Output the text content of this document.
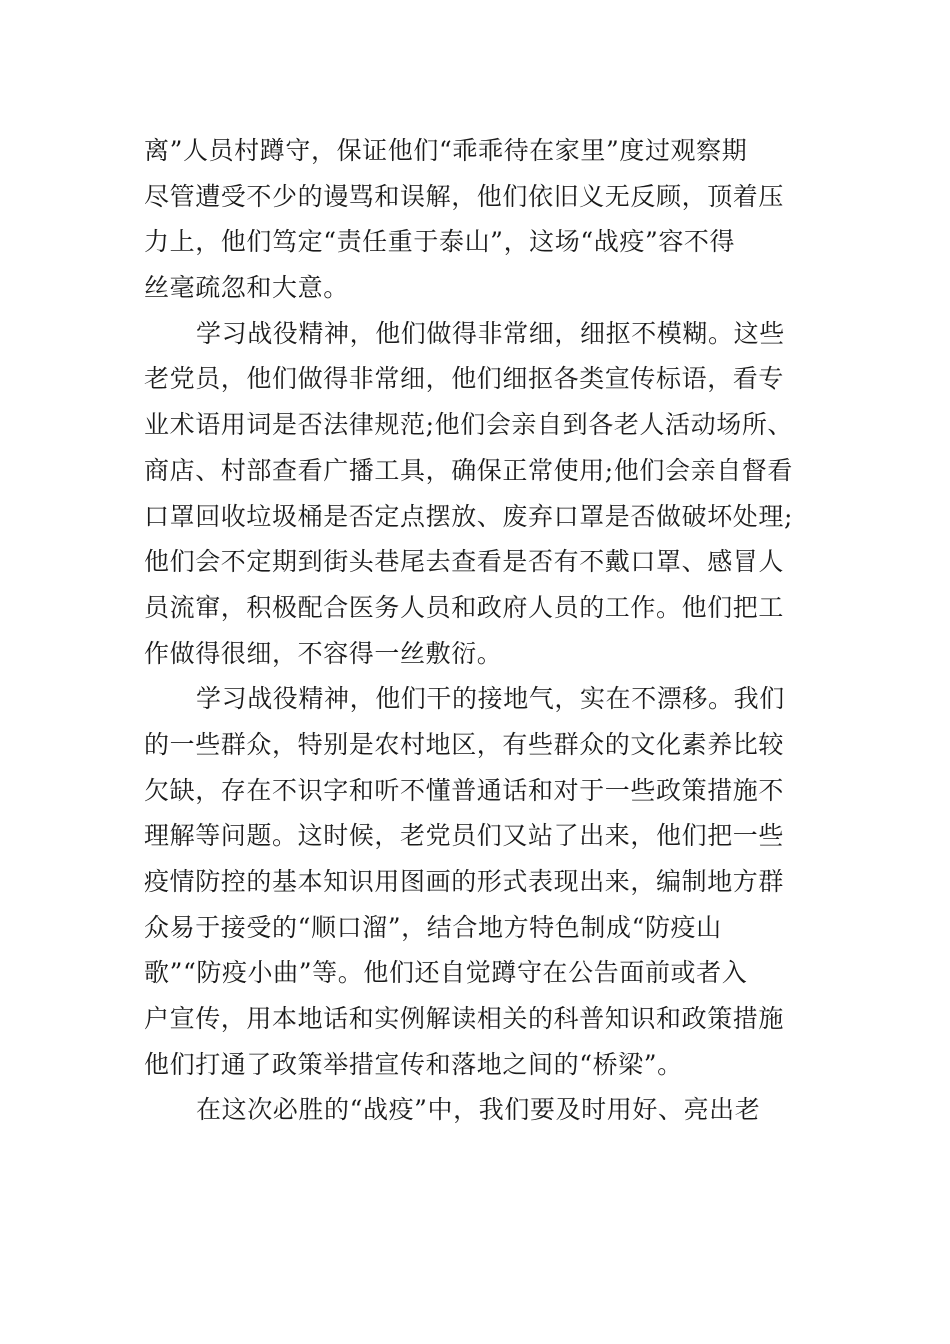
离”人员村蹲守，保证他们“乖乖待在家里”度过观察期
尽管遭受不少的谩骂和误解，他们依旧义无反顾，顶着压
力上，他们笃定“责任重于泰山”，这场“战疫”容不得
丝毫疏忽和大意。
学习战役精神，他们做得非常细，细抠不模糊。这些
老党员，他们做得非常细，他们细抠各类宣传标语，看专
业术语用词是否法律规范;他们会亲自到各老人活动场所、
商店、村部查看广播工具，确保正常使用;他们会亲自督看
口罩回收垃圾桶是否定点摆放、废弃口罩是否做破坏处理;
他们会不定期到街头巷尾去查看是否有不戴口罩、感冒人
员流窜，积极配合医务人员和政府人员的工作。他们把工
作做得很细，不容得一丝敷衍。
学习战役精神，他们干的接地气，实在不漂移。我们
的一些群众，特别是农村地区，有些群众的文化素养比较
欠缺，存在不识字和听不懂普通话和对于一些政策措施不
理解等问题。这时候，老党员们又站了出来，他们把一些
疫情防控的基本知识用图画的形式表现出来，编制地方群
众易于接受的“顺口溜”，结合地方特色制成“防疫山
歌”“防疫小曲”等。他们还自觉蹲守在公告面前或者入
户宣传，用本地话和实例解读相关的科普知识和政策措施
他们打通了政策举措宣传和落地之间的“桥梁”。
在这次必胜的“战疫”中，我们要及时用好、亮出老
